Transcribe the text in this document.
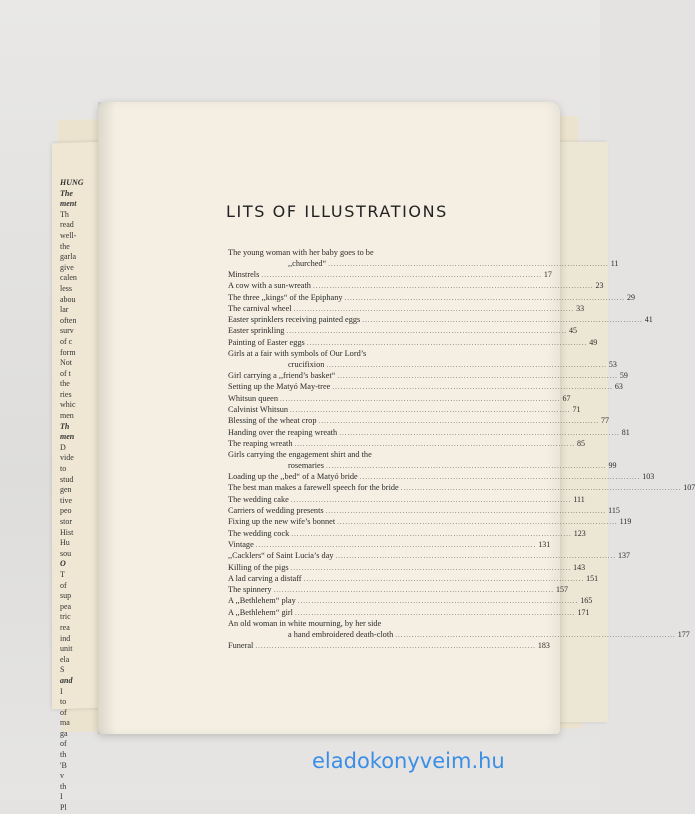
HUNG
The
ment
Th
read
well-
the
garla
give
calen
less
abou
lar
often
surv
of c
form
Not
of t
the
ries
whic
men
Th
men
D
vide
to
stud
gen
tive
peo
stor
Hist
Hu
sou
O
T
of
sup
pea
tric
rea
ind
unit
ela
S
and
I
to
of
ma
ga
of
th
'B
v
th
I
Pl
LITS OF ILLUSTRATIONS
The young woman with her baby goes to be
,,churched“ .....	11
Minstrels .....	17
A cow with a sun-wreath .....	23
The three ,,kings“ of the Epiphany .....	29
The carnival wheel .....	33
Easter sprinklers receiving painted eggs .....	41
Easter sprinkling .....	45
Painting of Easter eggs .....	49
Girls at a fair with symbols of Our Lord’s
crucifixion .....	53
Girl carrying a ,,friend’s basket“ .....	59
Setting up the Matyó May-tree .....	63
Whitsun queen .....	67
Calvinist Whitsun .....	71
Blessing of the wheat crop .....	77
Handing over the reaping wreath .....	81
The reaping wreath .....	85
Girls carrying the engagement shirt and the
rosemaries .....	99
Loading up the ,,bed“ of a Matyó bride .....	103
The best man makes a farewell speech for the bride .....	107
The wedding cake .....	111
Carriers of wedding presents .....	115
Fixing up the new wife’s bonnet .....	119
The wedding cock .....	123
Vintage .....	131
,,Cacklers“ of Saint Lucia’s day .....	137
Killing of the pigs .....	143
A lad carving a distaff .....	151
The spinnery .....	157
A ,,Bethlehem“ play .....	165
A ,,Bethlehem“ girl .....	171
An old woman in white mourning, by her side
a hand embroidered death-cloth .....	177
Funeral .....	183
eladokonyveim.hu
